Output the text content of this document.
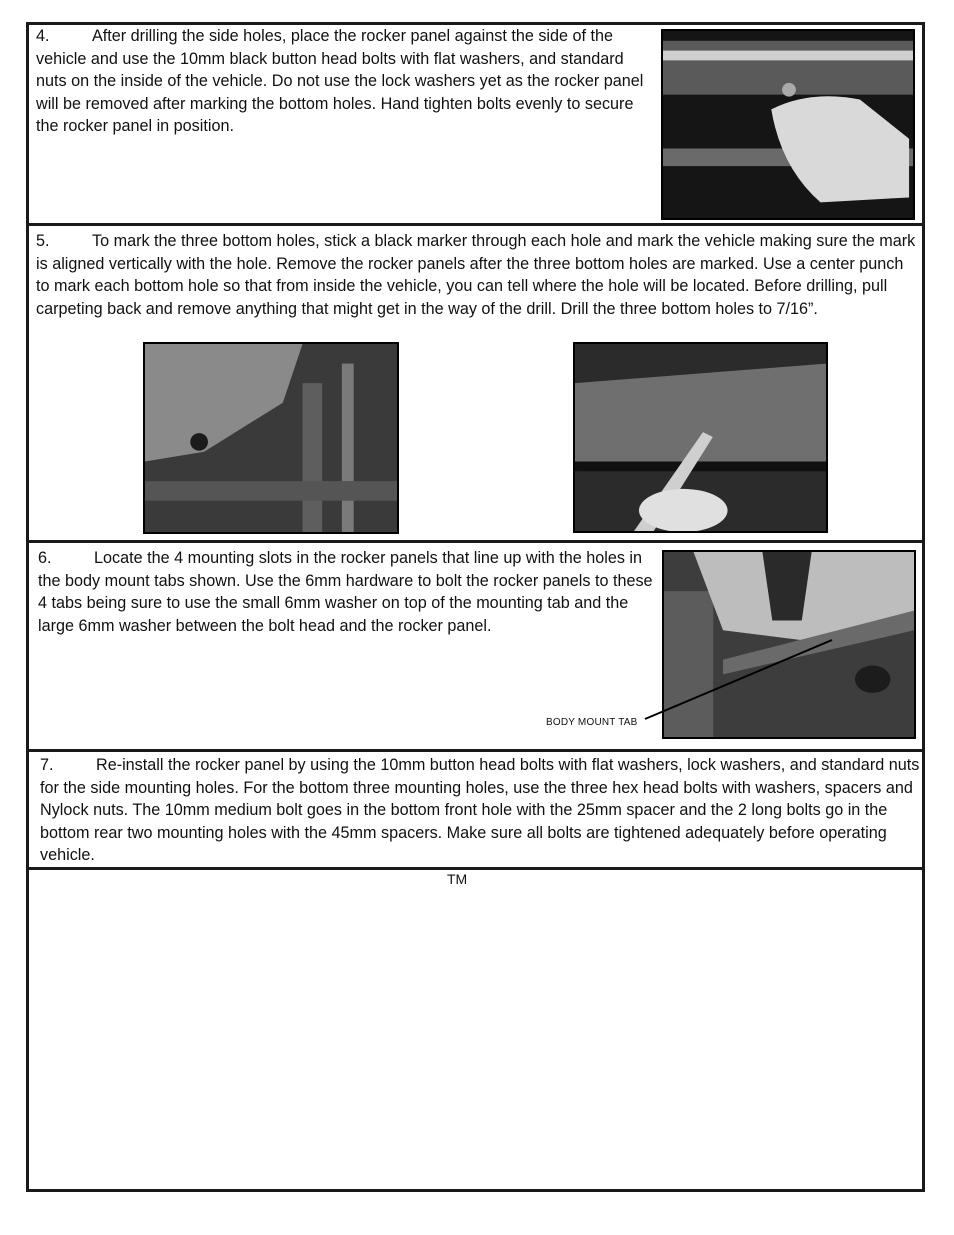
4.	After drilling the side holes, place the rocker panel against the side of the vehicle and use the 10mm black button head bolts with flat washers, and standard nuts on the inside of the vehicle. Do not use the lock washers yet as the rocker panel will be removed after marking the bottom holes. Hand tighten bolts evenly to secure the rocker panel in position.
5.	To mark the three bottom holes, stick a black marker through each hole and mark the vehicle making sure the mark is aligned vertically with the hole. Remove the rocker panels after the three bottom holes are marked. Use a center punch to mark each bottom hole so that from inside the vehicle, you can tell where the hole will be located. Before drilling, pull carpeting back and remove anything that might get in the way of the drill. Drill the three bottom holes to 7/16”.
6.	Locate the 4 mounting slots in the rocker panels that line up with the holes in the body mount tabs shown. Use the 6mm hardware to bolt the rocker panels to these 4 tabs being sure to use the small 6mm washer on top of the mounting tab and the large 6mm washer between the bolt head and the rocker panel.
BODY MOUNT TAB
7.	Re-install the rocker panel by using the 10mm button head bolts with flat washers, lock washers, and standard nuts for the side mounting holes. For the bottom three mounting holes, use the three hex head bolts with washers, spacers and Nylock nuts. The 10mm medium bolt goes in the bottom front hole with the 25mm spacer and the 2 long bolts go in the bottom rear two mounting holes with the 45mm spacers. Make sure all bolts are tightened adequately before operating vehicle.
TM
